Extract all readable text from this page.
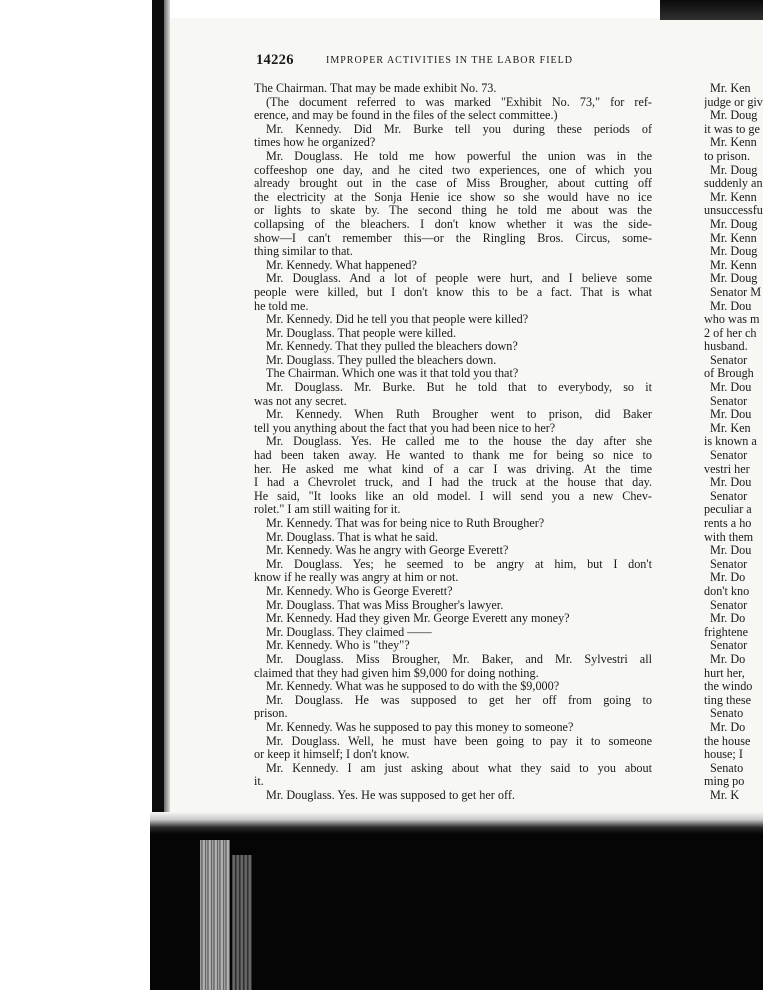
14226	IMPROPER ACTIVITIES IN THE LABOR FIELD
The Chairman. That may be made exhibit No. 73.
(The document referred to was marked "Exhibit No. 73," for ref-
erence, and may be found in the files of the select committee.)
Mr. Kennedy. Did Mr. Burke tell you during these periods of
times how he organized?
Mr. Douglass. He told me how powerful the union was in the
coffeeshop one day, and he cited two experiences, one of which you
already brought out in the case of Miss Brougher, about cutting off
the electricity at the Sonja Henie ice show so she would have no ice
or lights to skate by. The second thing he told me about was the
collapsing of the bleachers. I don't know whether it was the side-
show—I can't remember this—or the Ringling Bros. Circus, some-
thing similar to that.
Mr. Kennedy. What happened?
Mr. Douglass. And a lot of people were hurt, and I believe some
people were killed, but I don't know this to be a fact. That is what
he told me.
Mr. Kennedy. Did he tell you that people were killed?
Mr. Douglass. That people were killed.
Mr. Kennedy. That they pulled the bleachers down?
Mr. Douglass. They pulled the bleachers down.
The Chairman. Which one was it that told you that?
Mr. Douglass. Mr. Burke. But he told that to everybody, so it
was not any secret.
Mr. Kennedy. When Ruth Brougher went to prison, did Baker
tell you anything about the fact that you had been nice to her?
Mr. Douglass. Yes. He called me to the house the day after she
had been taken away. He wanted to thank me for being so nice to
her. He asked me what kind of a car I was driving. At the time
I had a Chevrolet truck, and I had the truck at the house that day.
He said, "It looks like an old model. I will send you a new Chev-
rolet." I am still waiting for it.
Mr. Kennedy. That was for being nice to Ruth Brougher?
Mr. Douglass. That is what he said.
Mr. Kennedy. Was he angry with George Everett?
Mr. Douglass. Yes; he seemed to be angry at him, but I don't
know if he really was angry at him or not.
Mr. Kennedy. Who is George Everett?
Mr. Douglass. That was Miss Brougher's lawyer.
Mr. Kennedy. Had they given Mr. George Everett any money?
Mr. Douglass. They claimed ——
Mr. Kennedy. Who is "they"?
Mr. Douglass. Miss Brougher, Mr. Baker, and Mr. Sylvestri all
claimed that they had given him $9,000 for doing nothing.
Mr. Kennedy. What was he supposed to do with the $9,000?
Mr. Douglass. He was supposed to get her off from going to
prison.
Mr. Kennedy. Was he supposed to pay this money to someone?
Mr. Douglass. Well, he must have been going to pay it to someone
or keep it himself; I don't know.
Mr. Kennedy. I am just asking about what they said to you about
it.
Mr. Douglass. Yes. He was supposed to get her off.
Mr. Ken
judge or giv
Mr. Doug
it was to ge
Mr. Kenn
to prison.
Mr. Doug
suddenly an
Mr. Kenn
unsuccessfu
Mr. Doug
Mr. Kenn
Mr. Doug
Mr. Kenn
Mr. Doug
Senator M
Mr. Dou
who was m
2 of her ch
husband.
Senator
of Brough
Mr. Dou
Senator
Mr. Dou
Mr. Ken
is known a
Senator
vestri her
Mr. Dou
Senator
peculiar a
rents a ho
with them
Mr. Dou
Senator
Mr. Do
don't kno
Senator
Mr. Do
frightene
Senator
Mr. Do
hurt her,
the windo
ting these
Senato
Mr. Do
the house
house; I
Senato
ming po
Mr. K
